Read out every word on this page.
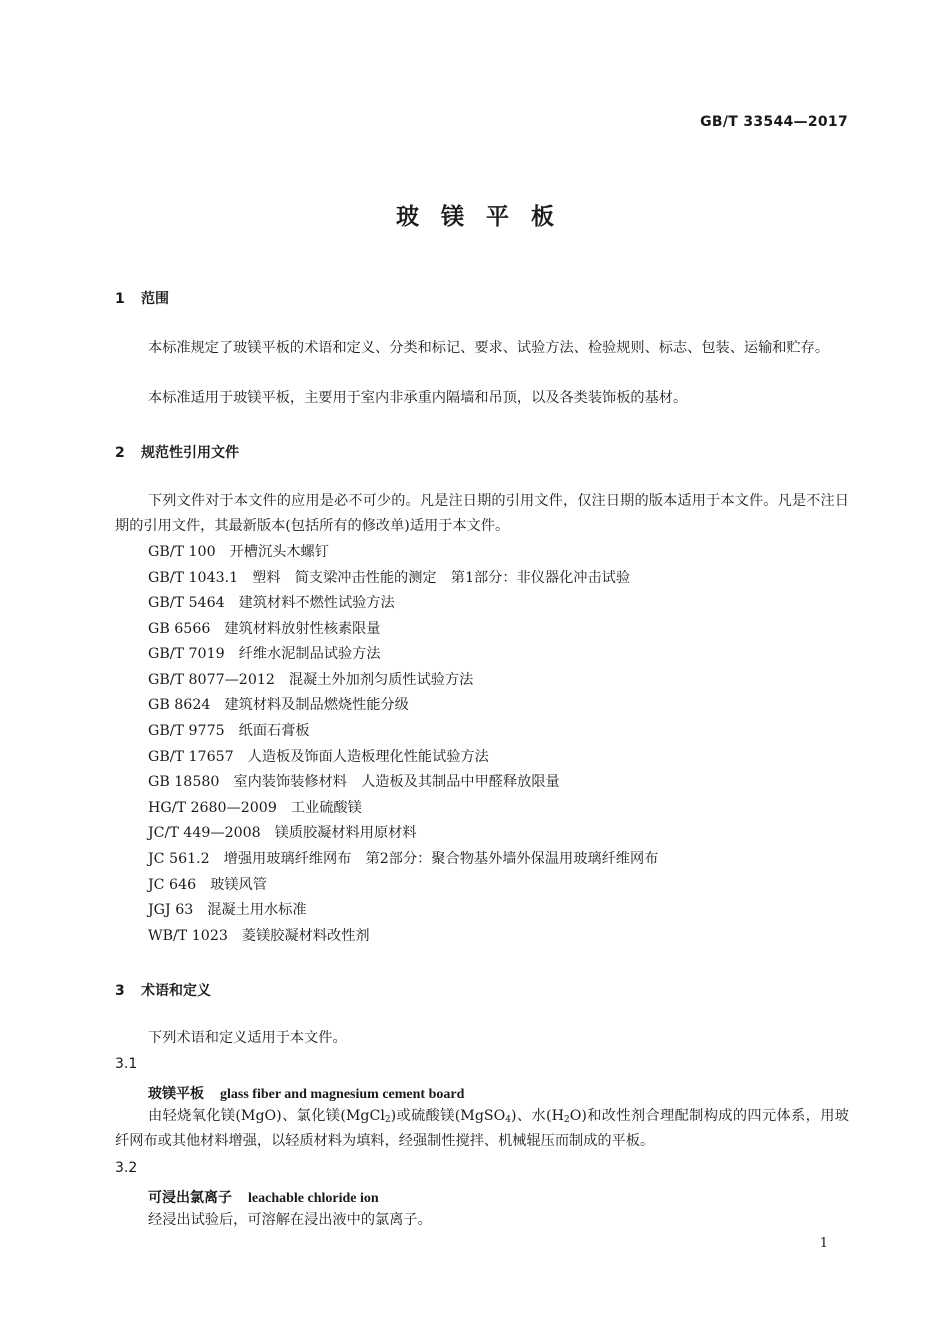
GB/T 33544—2017
玻镁平板
1 范围
本标准规定了玻镁平板的术语和定义、分类和标记、要求、试验方法、检验规则、标志、包装、运输和贮存。
本标准适用于玻镁平板，主要用于室内非承重内隔墙和吊顶，以及各类装饰板的基材。
2 规范性引用文件
下列文件对于本文件的应用是必不可少的。凡是注日期的引用文件，仅注日期的版本适用于本文件。凡是不注日期的引用文件，其最新版本(包括所有的修改单)适用于本文件。
GB/T 100 开槽沉头木螺钉
GB/T 1043.1 塑料　简支梁冲击性能的测定　第1部分：非仪器化冲击试验
GB/T 5464 建筑材料不燃性试验方法
GB 6566 建筑材料放射性核素限量
GB/T 7019 纤维水泥制品试验方法
GB/T 8077—2012 混凝土外加剂匀质性试验方法
GB 8624 建筑材料及制品燃烧性能分级
GB/T 9775 纸面石膏板
GB/T 17657 人造板及饰面人造板理化性能试验方法
GB 18580 室内装饰装修材料　人造板及其制品中甲醛释放限量
HG/T 2680—2009 工业硫酸镁
JC/T 449—2008 镁质胶凝材料用原材料
JC 561.2 增强用玻璃纤维网布　第2部分：聚合物基外墙外保温用玻璃纤维网布
JC 646 玻镁风管
JGJ 63 混凝土用水标准
WB/T 1023 菱镁胶凝材料改性剂
3 术语和定义
下列术语和定义适用于本文件。
3.1
玻镁平板 glass fiber and magnesium cement board
由轻烧氧化镁(MgO)、氯化镁(MgCl$_2$)或硫酸镁(MgSO$_4$)、水$(H_2O)$和改性剂合理配制构成的四元体系，用玻纤网布或其他材料增强，以轻质材料为填料，经强制性搅拌、机械辊压而制成的平板。
3.2
可浸出氯离子 leachable chloride ion
经浸出试验后，可溶解在浸出液中的氯离子。
1
